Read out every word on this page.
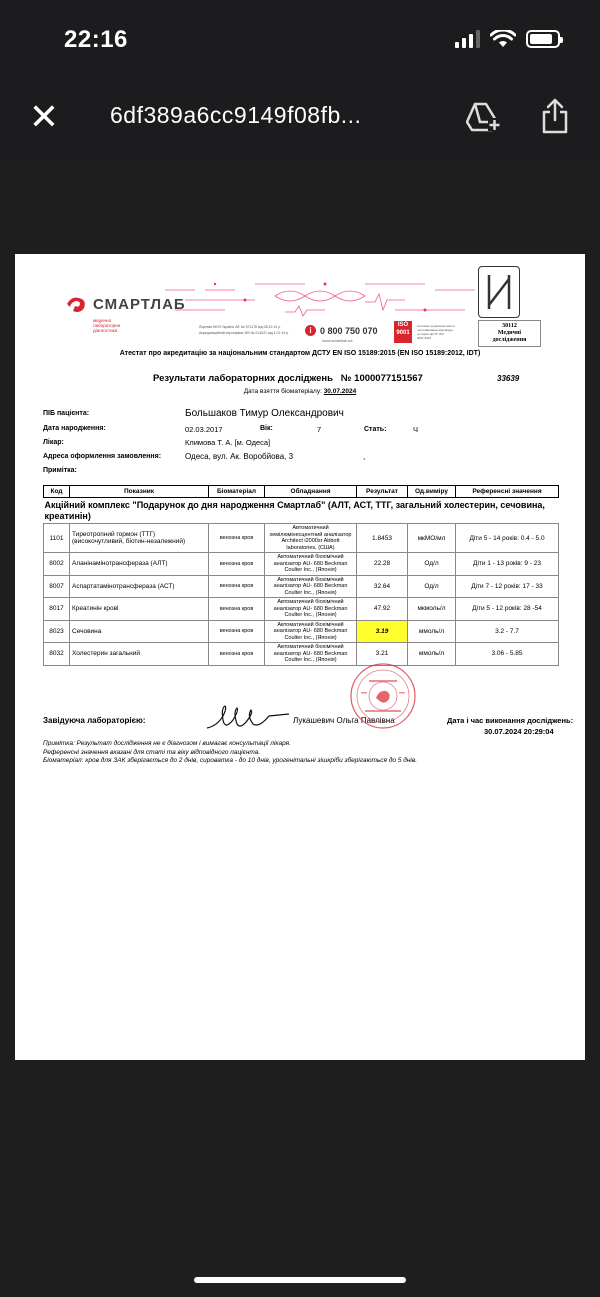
22:16
✕ 6df389a6cc9149f08fb...
СМАРТЛАБ
медична лабораторна діагностика
Ліцензія МОЗ України АЕ № 571178 від 08.12.14 р.
Акредитаційний сертифікат МЗ № 014021 від 1.02.19 р.	i 0 800 750 070
www.smartlab.ua
ISO
9001
Система управління якістю сертифікована відповідно до вимог ДСТУ ISO 9001:2015
30112
Медичні
дослідження
Атестат про акредитацію за національним стандартом ДСТУ EN ISO 15189:2015 (EN ISO 15189:2012, IDT)
Результати лабораторних досліджень   № 1000077151567	33639
Дата взяття біоматеріалу: 30.07.2024
ПІБ пацієнта:	Большаков Тимур Олександрович
Дата народження:	02.03.2017	Вік:	7	Стать:	Ч
Лікар:	Климова Т. А. [м. Одеса]
Адреса оформлення замовлення:	Одеса, вул. Ак. Воробйова, 3	,
Примітка:
Код	Показник	Біоматеріал	Обладнання	Результат	Од.виміру	Референсні значення
Акційний комплекс "Подарунок до дня народження Смартлаб" (АЛТ, АСТ, ТТГ, загальний холестерин, сечовина, креатинін)						
1101	Тиреотропний гормон (ТТГ) (високочутливий, біотин-незалежний)	венозна кров	Автоматичний хемілюмінесцентний аналізатор Architect i2000sr Abbott laboratories, (США)	1.8453	мкМО/мл	Діти 5 - 14 років: 0.4 - 5.0
8002	Аланінамінотрансфераза (АЛТ)	венозна кров	Автоматичний біохімічний аналізатор AU- 680 Beckman Coulter Inc., (Японія)	22.28	Од/л	Діти 1 - 13 років: 9 - 23
8007	Аспартатамінотрансфераза (АСТ)	венозна кров	Автоматичний біохімічний аналізатор AU- 680 Beckman Coulter Inc., (Японія)	32.64	Од/л	Діти 7 - 12 років: 17 - 33
8017	Креатинін крові	венозна кров	Автоматичний біохімічний аналізатор AU- 680 Beckman Coulter Inc., (Японія)	47.92	мкмоль/л	Діти 5 - 12 років: 28 -54
8023	Сечовина	венозна кров	Автоматичний біохімічний аналізатор AU- 680 Beckman Coulter Inc., (Японія)	3.19	ммоль/л	3.2 - 7.7
8032	Холестерин загальний	венозна кров	Автоматичний біохімічний аналізатор AU- 680 Beckman Coulter Inc., (Японія)	3.21	ммоль/л	3.06 - 5.85
Завідуюча лабораторією:	Лукашевич Ольга Павлівна	Дата і час виконання досліджень:
30.07.2024 20:29:04
Примітка: Результат дослідження не є діагнозом і вимагає консультації лікаря.
Референсні значення вказані для статі та віку відповідного пацієнта.
Біоматеріал: кров для ЗАК зберігається до 2 днів, сироватка - до 10 днів, урогенітальні зішкріби зберігаються до 5 днів.
